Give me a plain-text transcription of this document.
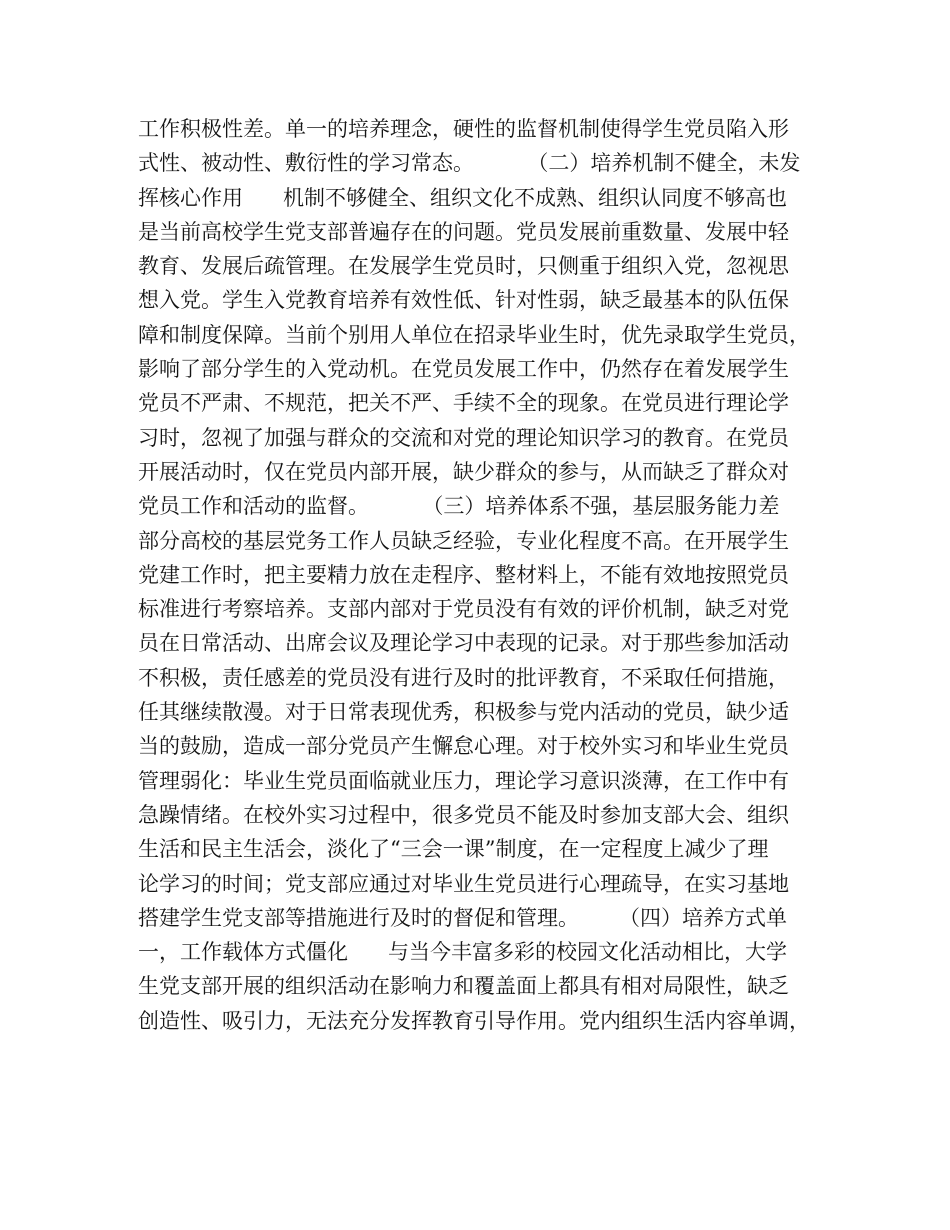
工作积极性差。单一的培养理念，硬性的监督机制使得学生党员陷入形
式性、被动性、敷衍性的学习常态。        （二）培养机制不健全，未发
挥核心作用      机制不够健全、组织文化不成熟、组织认同度不够高也
是当前高校学生党支部普遍存在的问题。党员发展前重数量、发展中轻
教育、发展后疏管理。在发展学生党员时，只侧重于组织入党，忽视思
想入党。学生入党教育培养有效性低、针对性弱，缺乏最基本的队伍保
障和制度保障。当前个别用人单位在招录毕业生时，优先录取学生党员，
影响了部分学生的入党动机。在党员发展工作中，仍然存在着发展学生
党员不严肃、不规范，把关不严、手续不全的现象。在党员进行理论学
习时，忽视了加强与群众的交流和对党的理论知识学习的教育。在党员
开展活动时，仅在党员内部开展，缺少群众的参与，从而缺乏了群众对
党员工作和活动的监督。        （三）培养体系不强，基层服务能力差
部分高校的基层党务工作人员缺乏经验，专业化程度不高。在开展学生
党建工作时，把主要精力放在走程序、整材料上，不能有效地按照党员
标准进行考察培养。支部内部对于党员没有有效的评价机制，缺乏对党
员在日常活动、出席会议及理论学习中表现的记录。对于那些参加活动
不积极，责任感差的党员没有进行及时的批评教育，不采取任何措施，
任其继续散漫。对于日常表现优秀，积极参与党内活动的党员，缺少适
当的鼓励，造成一部分党员产生懈怠心理。对于校外实习和毕业生党员
管理弱化：毕业生党员面临就业压力，理论学习意识淡薄，在工作中有
急躁情绪。在校外实习过程中，很多党员不能及时参加支部大会、组织
生活和民主生活会，淡化了“三会一课”制度，在一定程度上减少了理
论学习的时间；党支部应通过对毕业生党员进行心理疏导，在实习基地
搭建学生党支部等措施进行及时的督促和管理。      （四）培养方式单
一，工作载体方式僵化      与当今丰富多彩的校园文化活动相比，大学
生党支部开展的组织活动在影响力和覆盖面上都具有相对局限性，缺乏
创造性、吸引力，无法充分发挥教育引导作用。党内组织生活内容单调，
